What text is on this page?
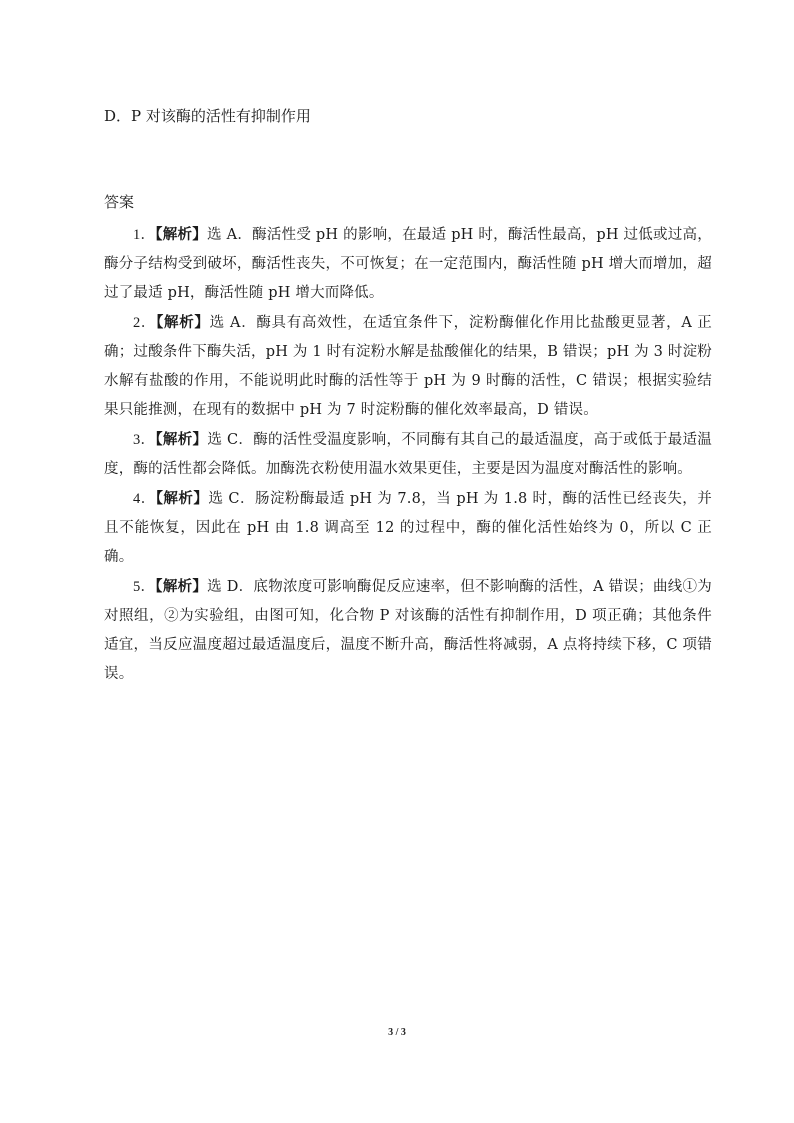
D．P 对该酶的活性有抑制作用
答案

1．【解析】选 A．酶活性受 pH 的影响，在最适 pH 时，酶活性最高，pH 过低或过高，酶分子结构受到破坏，酶活性丧失，不可恢复；在一定范围内，酶活性随 pH 增大而增加，超过了最适 pH，酶活性随 pH 增大而降低。

2．【解析】选 A．酶具有高效性，在适宜条件下，淀粉酶催化作用比盐酸更显著，A 正确；过酸条件下酶失活，pH 为 1 时有淀粉水解是盐酸催化的结果，B 错误；pH 为 3 时淀粉水解有盐酸的作用，不能说明此时酶的活性等于 pH 为 9 时酶的活性，C 错误；根据实验结果只能推测，在现有的数据中 pH 为 7 时淀粉酶的催化效率最高，D 错误。

3．【解析】选 C．酶的活性受温度影响，不同酶有其自己的最适温度，高于或低于最适温度，酶的活性都会降低。加酶洗衣粉使用温水效果更佳，主要是因为温度对酶活性的影响。

4．【解析】选 C．肠淀粉酶最适 pH 为 7.8，当 pH 为 1.8 时，酶的活性已经丧失，并且不能恢复，因此在 pH 由 1.8 调高至 12 的过程中，酶的催化活性始终为 0，所以 C 正确。

5．【解析】选 D．底物浓度可影响酶促反应速率，但不影响酶的活性，A 错误；曲线①为对照组，②为实验组，由图可知，化合物 P 对该酶的活性有抑制作用，D 项正确；其他条件适宜，当反应温度超过最适温度后，温度不断升高，酶活性将减弱，A 点将持续下移，C 项错误。

3 / 3
